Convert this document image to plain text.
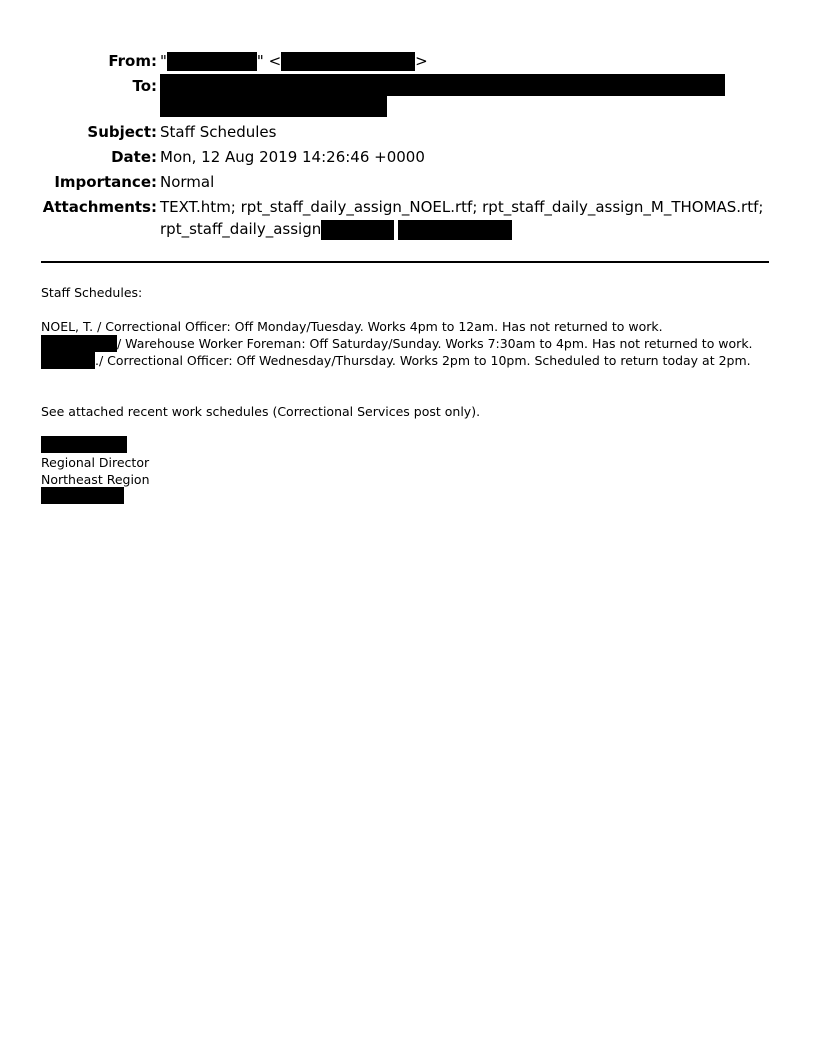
From: "	" <	>
To:
Subject: Staff Schedules
Date: Mon, 12 Aug 2019 14:26:46 +0000
Importance: Normal
Attachments: TEXT.htm; rpt_staff_daily_assign_NOEL.rtf; rpt_staff_daily_assign_M_THOMAS.rtf;
rpt_staff_daily_assign
Staff Schedules:
NOEL, T. / Correctional Officer: Off Monday/Tuesday. Works 4pm to 12am. Has not returned to work.
/ Warehouse Worker Foreman: Off Saturday/Sunday. Works 7:30am to 4pm. Has not returned to work.
./ Correctional Officer: Off Wednesday/Thursday. Works 2pm to 10pm. Scheduled to return today at 2pm.
See attached recent work schedules (Correctional Services post only).
Regional Director
Northeast Region
